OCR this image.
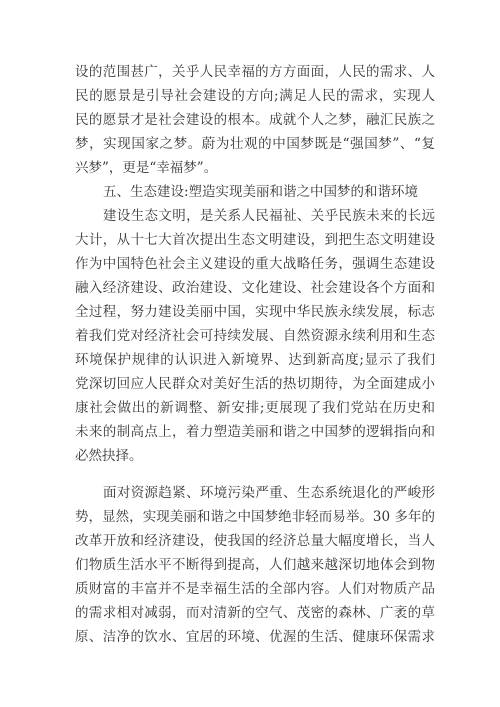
设的范围甚广，关乎人民幸福的方方面面，人民的需求、人
民的愿景是引导社会建设的方向;满足人民的需求，实现人
民的愿景才是社会建设的根本。成就个人之梦，融汇民族之
梦，实现国家之梦。蔚为壮观的中国梦既是“强国梦”、“复
兴梦”，更是“幸福梦”。
五、生态建设:塑造实现美丽和谐之中国梦的和谐环境
建设生态文明，是关系人民福祉、关乎民族未来的长远
大计，从十七大首次提出生态文明建设，到把生态文明建设
作为中国特色社会主义建设的重大战略任务，强调生态建设
融入经济建设、政治建设、文化建设、社会建设各个方面和
全过程，努力建设美丽中国，实现中华民族永续发展，标志
着我们党对经济社会可持续发展、自然资源永续利用和生态
环境保护规律的认识进入新境界、达到新高度;显示了我们
党深切回应人民群众对美好生活的热切期待，为全面建成小
康社会做出的新调整、新安排;更展现了我们党站在历史和
未来的制高点上，着力塑造美丽和谐之中国梦的逻辑指向和
必然抉择。
面对资源趋紧、环境污染严重、生态系统退化的严峻形
势，显然，实现美丽和谐之中国梦绝非轻而易举。30 多年的
改革开放和经济建设，使我国的经济总量大幅度增长，当人
们物质生活水平不断得到提高，人们越来越深切地体会到物
质财富的丰富并不是幸福生活的全部内容。人们对物质产品
的需求相对减弱，而对清新的空气、茂密的森林、广袤的草
原、洁净的饮水、宜居的环境、优渥的生活、健康环保需求
